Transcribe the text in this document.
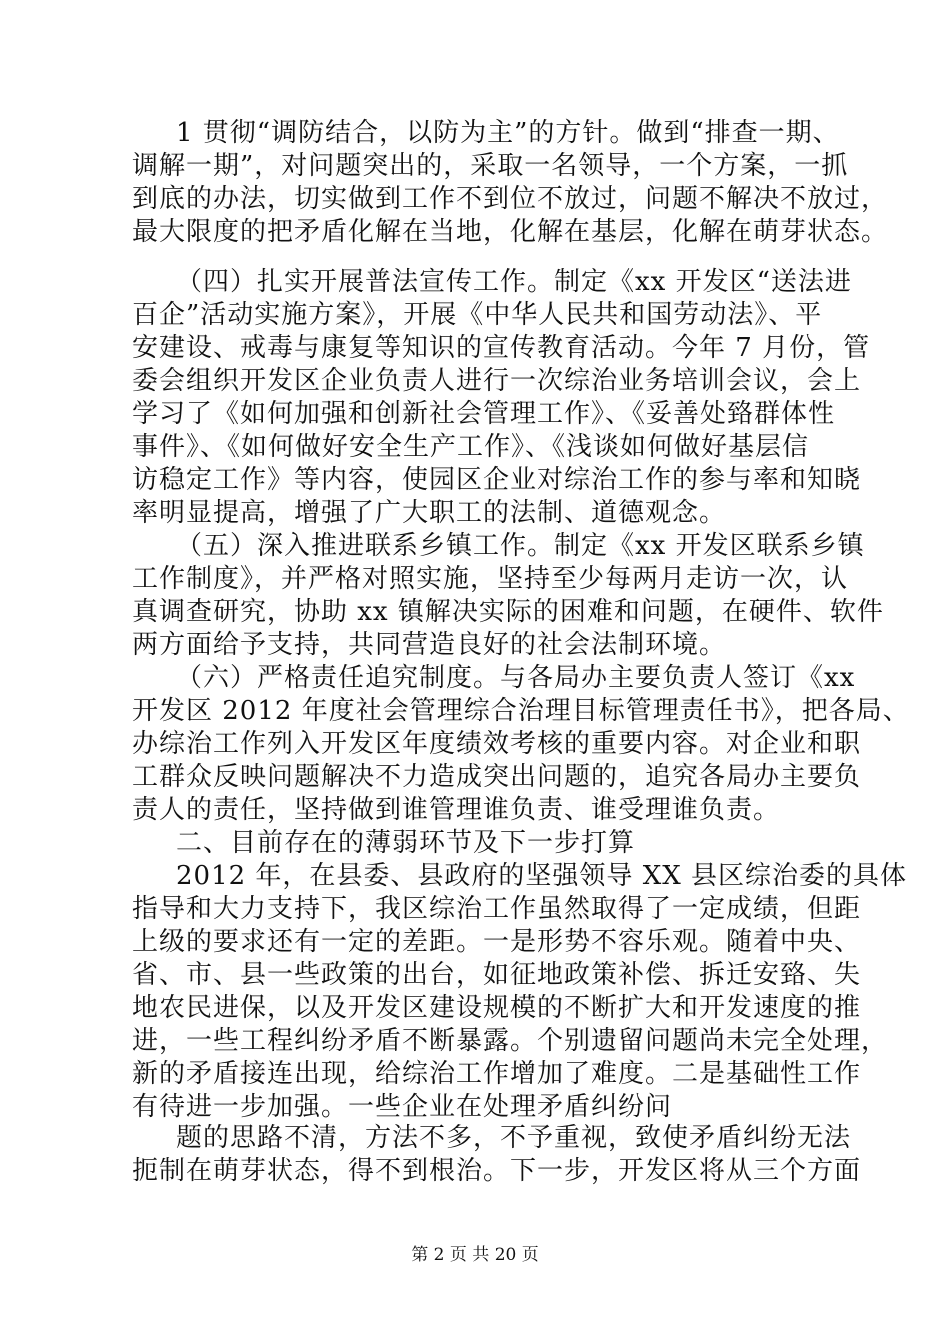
1 贯彻“调防结合，以防为主”的方针。做到“排查一期、
调解一期”，对问题突出的，采取一名领导，一个方案，一抓
到底的办法，切实做到工作不到位不放过，问题不解决不放过，
最大限度的把矛盾化解在当地，化解在基层，化解在萌芽状态。
（四）扎实开展普法宣传工作。制定《xx 开发区“送法进
百企”活动实施方案》，开展《中华人民共和国劳动法》、平
安建设、戒毒与康复等知识的宣传教育活动。今年 7 月份，管
委会组织开发区企业负责人进行一次综治业务培训会议，会上
学习了《如何加强和创新社会管理工作》、《妥善处臵群体性
事件》、《如何做好安全生产工作》、《浅谈如何做好基层信
访稳定工作》等内容，使园区企业对综治工作的参与率和知晓
率明显提高，增强了广大职工的法制、道德观念。
（五）深入推进联系乡镇工作。制定《xx 开发区联系乡镇
工作制度》，并严格对照实施，坚持至少每两月走访一次，认
真调查研究，协助 xx 镇解决实际的困难和问题，在硬件、软件
两方面给予支持，共同营造良好的社会法制环境。
（六）严格责任追究制度。与各局办主要负责人签订《xx
开发区 2012 年度社会管理综合治理目标管理责任书》，把各局、
办综治工作列入开发区年度绩效考核的重要内容。对企业和职
工群众反映问题解决不力造成突出问题的，追究各局办主要负
责人的责任，坚持做到谁管理谁负责、谁受理谁负责。
二、目前存在的薄弱环节及下一步打算
2012 年，在县委、县政府的坚强领导 XX 县区综治委的具体
指导和大力支持下，我区综治工作虽然取得了一定成绩，但距
上级的要求还有一定的差距。一是形势不容乐观。随着中央、
省、市、县一些政策的出台，如征地政策补偿、拆迁安臵、失
地农民进保，以及开发区建设规模的不断扩大和开发速度的推
进，一些工程纠纷矛盾不断暴露。个别遗留问题尚未完全处理，
新的矛盾接连出现，给综治工作增加了难度。二是基础性工作
有待进一步加强。一些企业在处理矛盾纠纷问
题的思路不清，方法不多，不予重视，致使矛盾纠纷无法
扼制在萌芽状态，得不到根治。下一步，开发区将从三个方面
第 2 页 共 20 页
